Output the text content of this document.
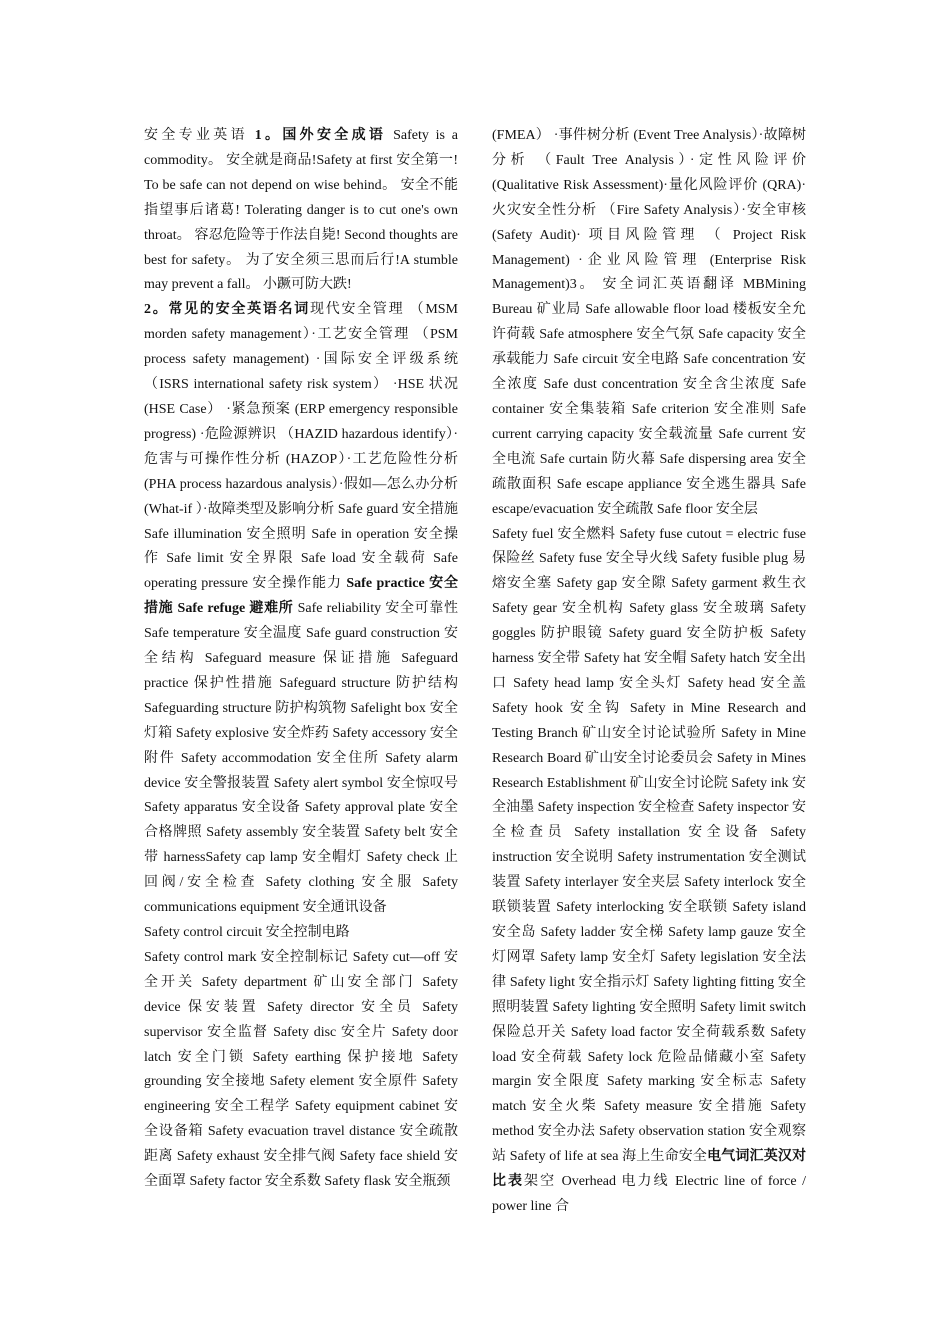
安全专业英语 1。国外安全成语 Safety is a commodity。 安全就是商品!Safety at first 安全第一! To be safe can not depend on wise behind。 安全不能指望事后诸葛! Tolerating danger is to cut one's own throat。 容忍危险等于作法自毙! Second thoughts are best for safety。 为了安全须三思而后行!A stumble may prevent a fall。 小蹶可防大跌!

2。常见的安全英语名词现代安全管理 （MSM morden safety management）·工艺安全管理 （PSM process safety management) ·国际安全评级系统（ISRS international safety risk system） ·HSE 状况 (HSE Case） ·紧急预案 (ERP emergency responsible progress) ·危险源辨识 （HAZID hazardous identify）·危害与可操作性分析 (HAZOP）·工艺危险性分析 (PHA process hazardous analysis）·假如—怎么办分析 (What-if ）·故障类型及影响分析 Safe guard 安全措施 Safe illumination 安全照明 Safe in operation 安全操作 Safe limit 安全界限 Safe load 安全载荷 Safe operating pressure 安全操作能力 Safe practice 安全措施 Safe refuge 避难所 Safe reliability 安全可靠性 Safe temperature 安全温度 Safe guard construction 安全结构 Safeguard measure 保证措施 Safeguard practice 保护性措施 Safeguard structure 防护结构 Safeguarding structure 防护构筑物 Safelight box 安全灯箱 Safety explosive 安全炸药 Safety accessory 安全附件 Safety accommodation 安全住所 Safety alarm device 安全警报装置 Safety alert symbol 安全惊叹号 Safety apparatus 安全设备 Safety approval plate 安全合格牌照 Safety assembly 安全装置 Safety belt 安全带 harnessSafety cap lamp 安全帽灯 Safety check 止回阀/安全检查 Safety clothing 安全服 Safety communications equipment 安全通讯设备

Safety control circuit 安全控制电路

Safety control mark 安全控制标记 Safety cut—off 安全开关 Safety department 矿山安全部门 Safety device 保安装置 Safety director 安全员 Safety supervisor 安全监督 Safety disc 安全片 Safety door latch 安全门锁 Safety earthing 保护接地 Safety grounding 安全接地 Safety element 安全原件 Safety engineering 安全工程学 Safety equipment cabinet 安全设备箱 Safety evacuation travel distance 安全疏散距离 Safety exhaust 安全排气阀 Safety face shield 安全面罩 Safety factor 安全系数 Safety flask 安全瓶颈

(FMEA） ·事件树分析 (Event Tree Analysis）·故障树分析 （Fault Tree Analysis）·定性风险评价 (Qualitative Risk Assessment)·量化风险评价 (QRA)·火灾安全性分析 （Fire Safety Analysis）·安全审核 (Safety Audit)· 项目风险管理 （ Project Risk Management) ·企业风险管理 (Enterprise Risk Management)3。 安全词汇英语翻译 MBMining Bureau 矿业局 Safe allowable floor load 楼板安全允许荷载 Safe atmosphere 安全气氛 Safe capacity 安全承载能力 Safe circuit 安全电路 Safe concentration 安全浓度 Safe dust concentration 安全含尘浓度 Safe container 安全集装箱 Safe criterion 安全准则 Safe current carrying capacity 安全载流量 Safe current 安全电流 Safe curtain 防火幕 Safe dispersing area 安全疏散面积 Safe escape appliance 安全逃生器具 Safe escape/evacuation 安全疏散 Safe floor 安全层

Safety fuel 安全燃料 Safety fuse cutout = electric fuse 保险丝 Safety fuse 安全导火线 Safety fusible plug 易熔安全塞 Safety gap 安全隙 Safety garment 救生衣 Safety gear 安全机构 Safety glass 安全玻璃 Safety goggles 防护眼镜 Safety guard 安全防护板 Safety harness 安全带 Safety hat 安全帽 Safety hatch 安全出口 Safety head lamp 安全头灯 Safety head 安全盖 Safety hook 安全钩 Safety in Mine Research and Testing Branch 矿山安全讨论试验所 Safety in Mine Research Board 矿山安全讨论委员会 Safety in Mines Research Establishment 矿山安全讨论院 Safety ink 安全油墨 Safety inspection 安全检查 Safety inspector 安全检查员 Safety installation 安全设备 Safety instruction 安全说明 Safety instrumentation 安全测试装置 Safety interlayer 安全夹层 Safety interlock 安全联锁装置 Safety interlocking 安全联锁 Safety island 安全岛 Safety ladder 安全梯 Safety lamp gauze 安全灯网罩 Safety lamp 安全灯 Safety legislation 安全法律 Safety light 安全指示灯 Safety lighting fitting 安全照明装置 Safety lighting 安全照明 Safety limit switch 保险总开关 Safety load factor 安全荷载系数 Safety load 安全荷载 Safety lock 危险品储藏小室 Safety margin 安全限度 Safety marking 安全标志 Safety match 安全火柴 Safety measure 安全措施 Safety method 安全办法 Safety observation station 安全观察站 Safety of life at sea 海上生命安全电气词汇英汉对比表架空 Overhead 电力线 Electric line of force / power line 合
